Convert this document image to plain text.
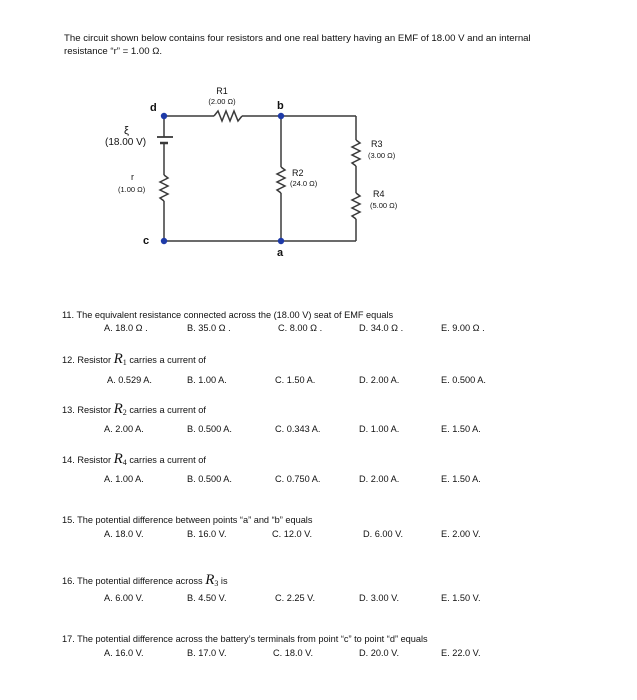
The circuit shown below contains four resistors and one real battery having an EMF of 18.00 V and an internal
resistance “r” = 1.00 Ω.
R1
(2.00 Ω)
d	b
c
a
ξ
(18.00 V)
r
(1.00 Ω)
R2
(24.0 Ω)
R3
(3.00 Ω)
R4
(5.00 Ω)
11. The equivalent resistance connected across the (18.00 V) seat of EMF equals
A. 18.0 Ω .	B. 35.0 Ω .	C. 8.00 Ω .	D. 34.0 Ω .	E. 9.00 Ω .
12. Resistor R1 carries a current of
A. 0.529 A.	B. 1.00 A.	C. 1.50 A.	D. 2.00 A.	E. 0.500 A.
13. Resistor R2 carries a current of
A. 2.00 A.	B. 0.500 A.	C. 0.343 A.	D. 1.00 A.	E. 1.50 A.
14. Resistor R4 carries a current of
A. 1.00 A.	B. 0.500 A.	C. 0.750 A.	D. 2.00 A.	E. 1.50 A.
15. The potential difference between points “a” and “b” equals
A. 18.0 V.	B. 16.0 V.	C. 12.0 V.	D. 6.00 V.	E. 2.00 V.
16. The potential difference across R3 is
A. 6.00 V.	B. 4.50 V.	C. 2.25 V.	D. 3.00 V.	E. 1.50 V.
17. The potential difference across the battery’s terminals from point “c” to point “d” equals
A. 16.0 V.	B. 17.0 V.	C. 18.0 V.	D. 20.0 V.	E. 22.0 V.
